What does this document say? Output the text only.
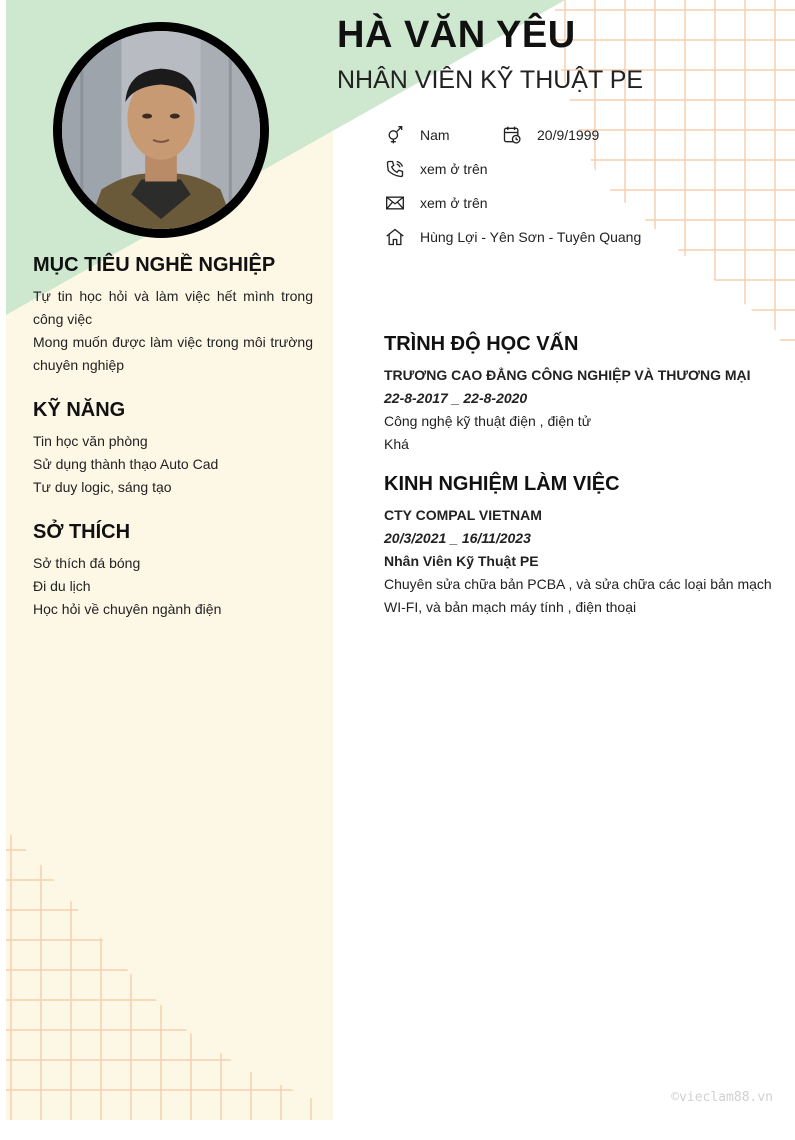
HÀ VĂN YÊU
NHÂN VIÊN KỸ THUẬT PE
Nam	20/9/1999
xem ở trên
xem ở trên
Hùng Lợi - Yên Sơn - Tuyên Quang
MỤC TIÊU NGHỀ NGHIỆP
Tự tin học hỏi và làm việc hết mình trong công việc
Mong muốn được làm việc trong môi trường chuyên nghiệp
KỸ NĂNG
Tin học văn phòng
Sử dụng thành thạo Auto Cad
Tư duy logic, sáng tạo
SỞ THÍCH
Sở thích đá bóng
Đi du lịch
Học hỏi về chuyên ngành điện
TRÌNH ĐỘ HỌC VẤN
TRƯƠNG CAO ĐẲNG CÔNG NGHIỆP VÀ THƯƠNG MẠI
22-8-2017 _ 22-8-2020
Công nghệ kỹ thuật điện , điện tử
Khá
KINH NGHIỆM LÀM VIỆC
CTY COMPAL VIETNAM
20/3/2021 _ 16/11/2023
Nhân Viên Kỹ Thuật PE
Chuyên sửa chữa bản PCBA , và sửa chữa các loại bản mạch WI-FI, và bản mạch máy tính , điện thoại
©vieclam88.vn
